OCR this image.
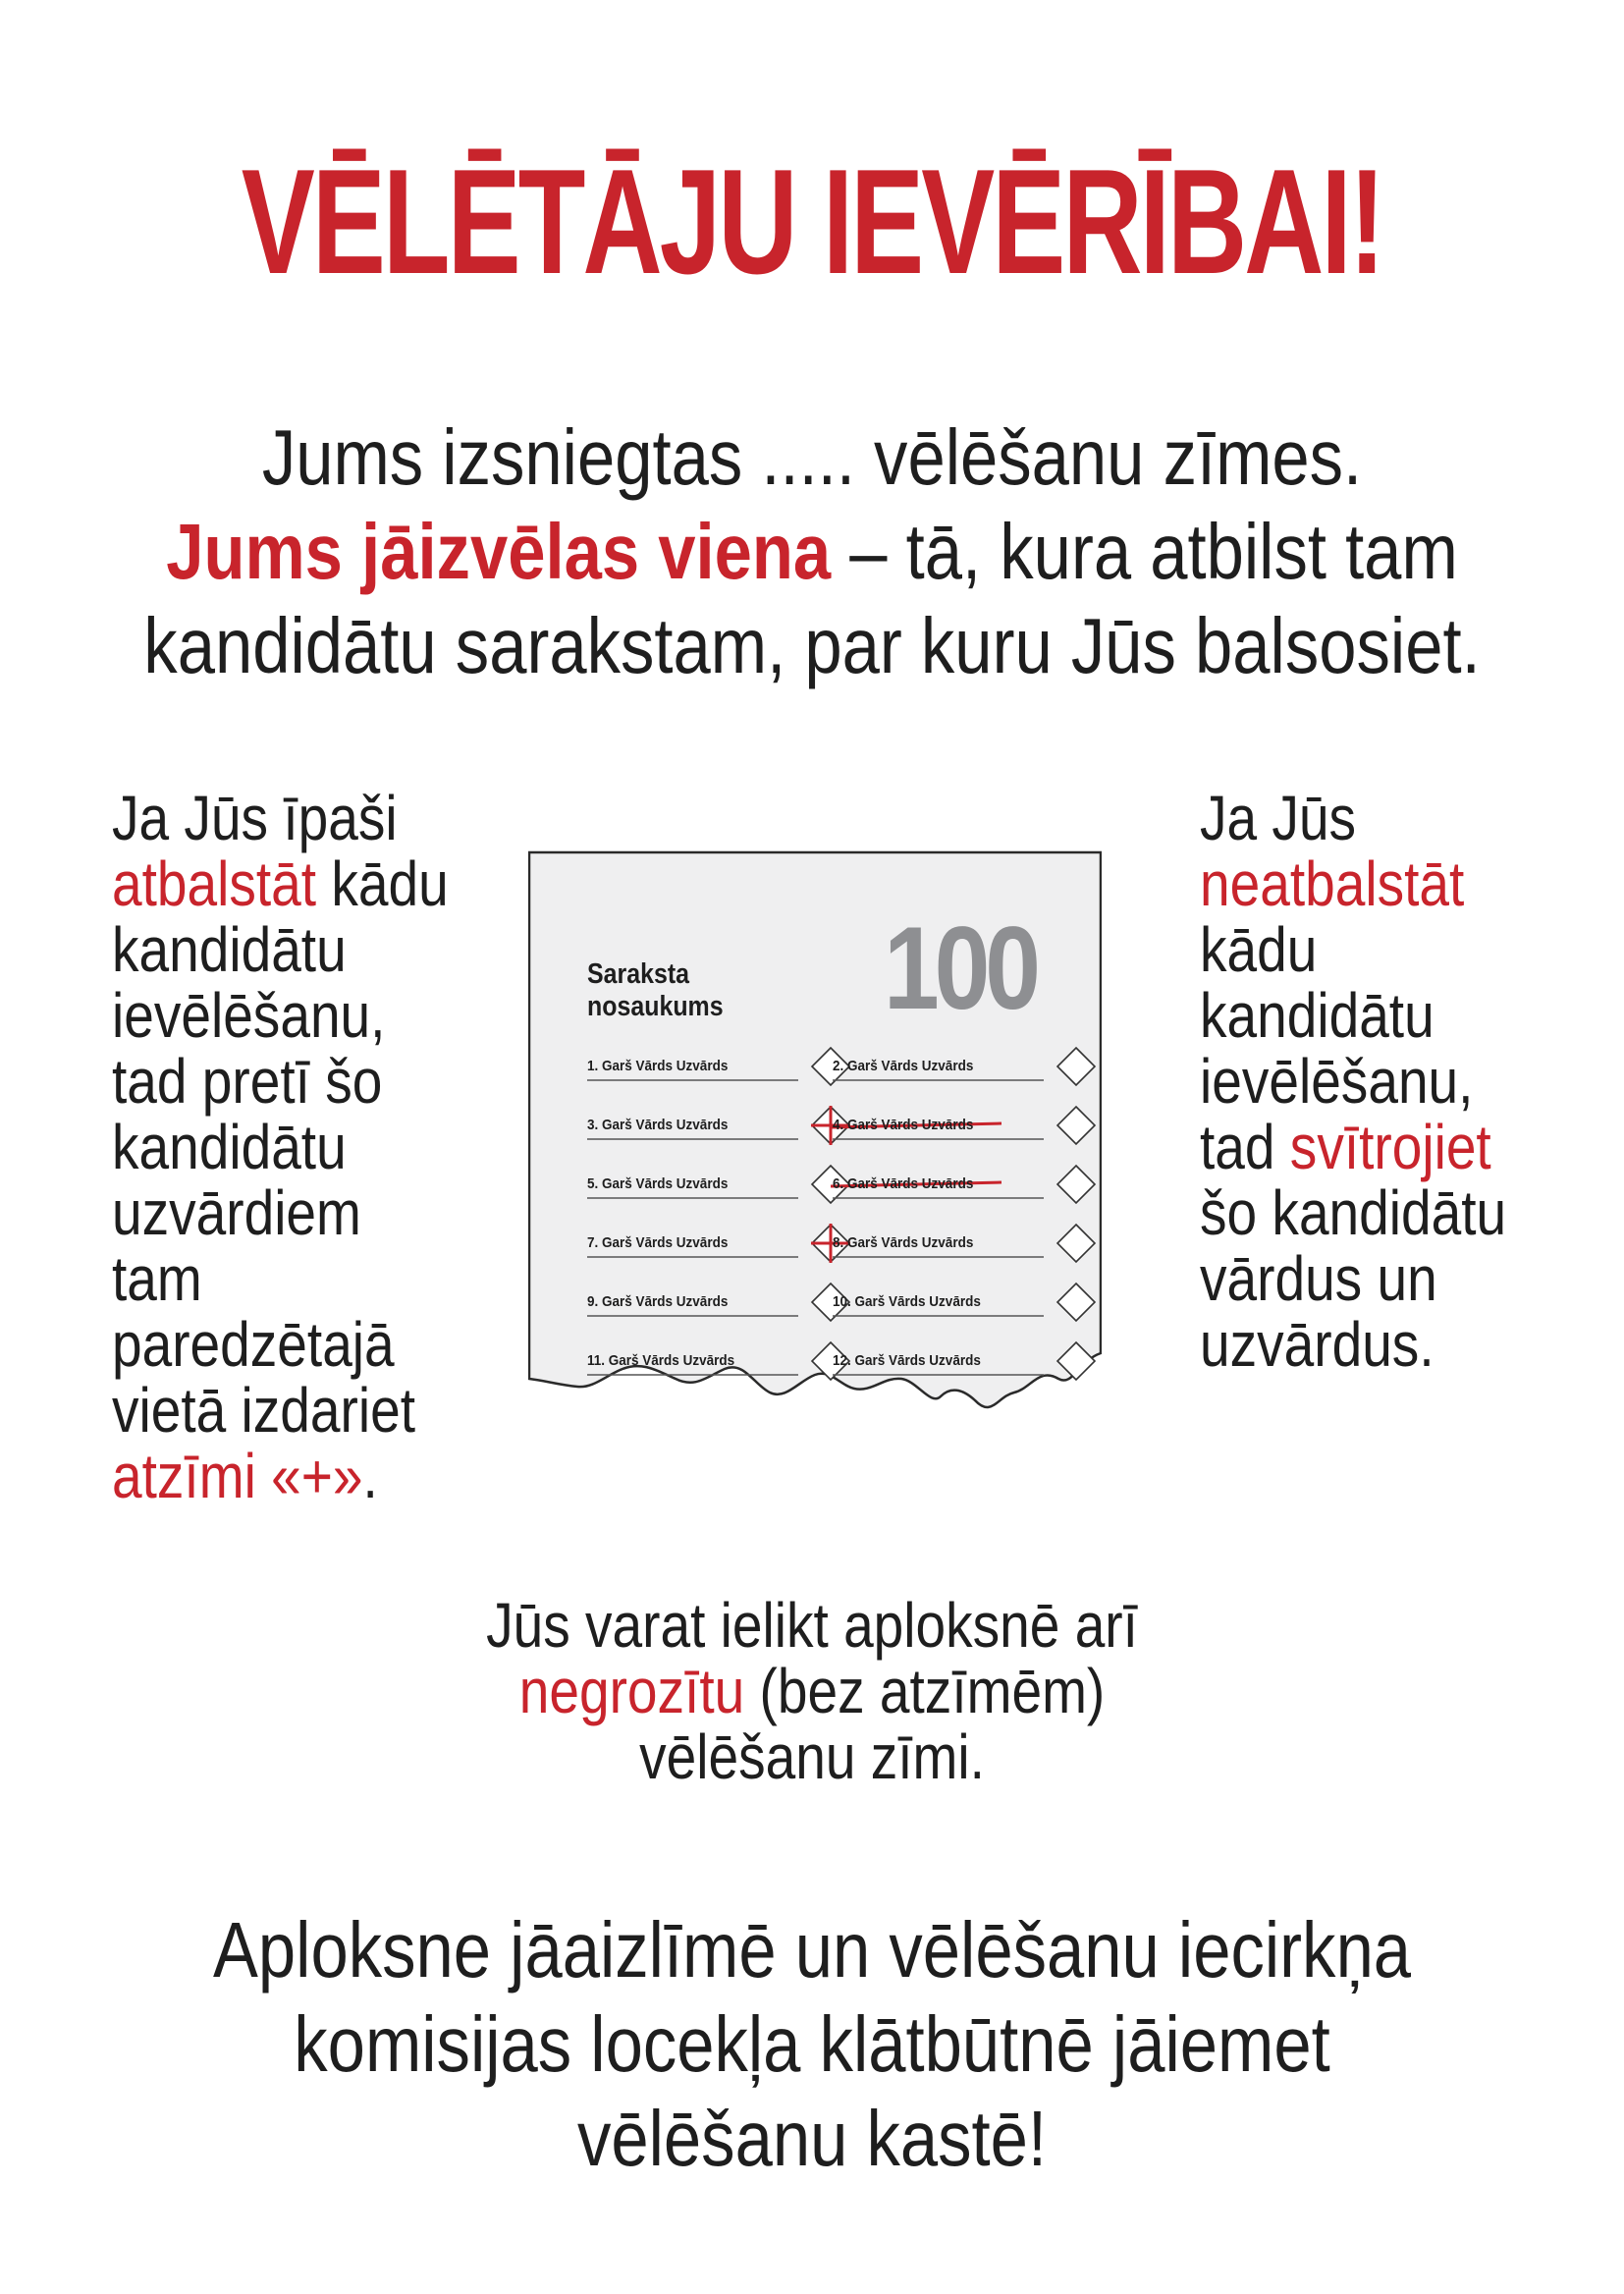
VĒLĒTĀJU IEVĒRĪBAI!
Jums izsniegtas ..... vēlēšanu zīmes.
Jums jāizvēlas viena – tā, kura atbilst tam
kandidātu sarakstam, par kuru Jūs balsosiet.
Ja Jūs īpaši
atbalstāt kādu
kandidātu
ievēlēšanu,
tad pretī šo
kandidātu
uzvārdiem
tam
paredzētajā
vietā izdariet
atzīmi «+».
Saraksta
nosaukums 100
1. Garš Vārds Uzvārds	2. Garš Vārds Uzvārds
3. Garš Vārds Uzvārds	4. Garš Vārds Uzvārds
5. Garš Vārds Uzvārds	6. Garš Vārds Uzvārds
7. Garš Vārds Uzvārds	8. Garš Vārds Uzvārds
9. Garš Vārds Uzvārds	10. Garš Vārds Uzvārds
11. Garš Vārds Uzvārds	12. Garš Vārds Uzvārds
Ja Jūs
neatbalstāt
kādu
kandidātu
ievēlēšanu,
tad svītrojiet
šo kandidātu
vārdus un
uzvārdus.
Jūs varat ielikt aploksnē arī
negrozītu (bez atzīmēm)
vēlēšanu zīmi.
Aploksne jāaizlīmē un vēlēšanu iecirkņa
komisijas locekļa klātbūtnē jāiemet
vēlēšanu kastē!
